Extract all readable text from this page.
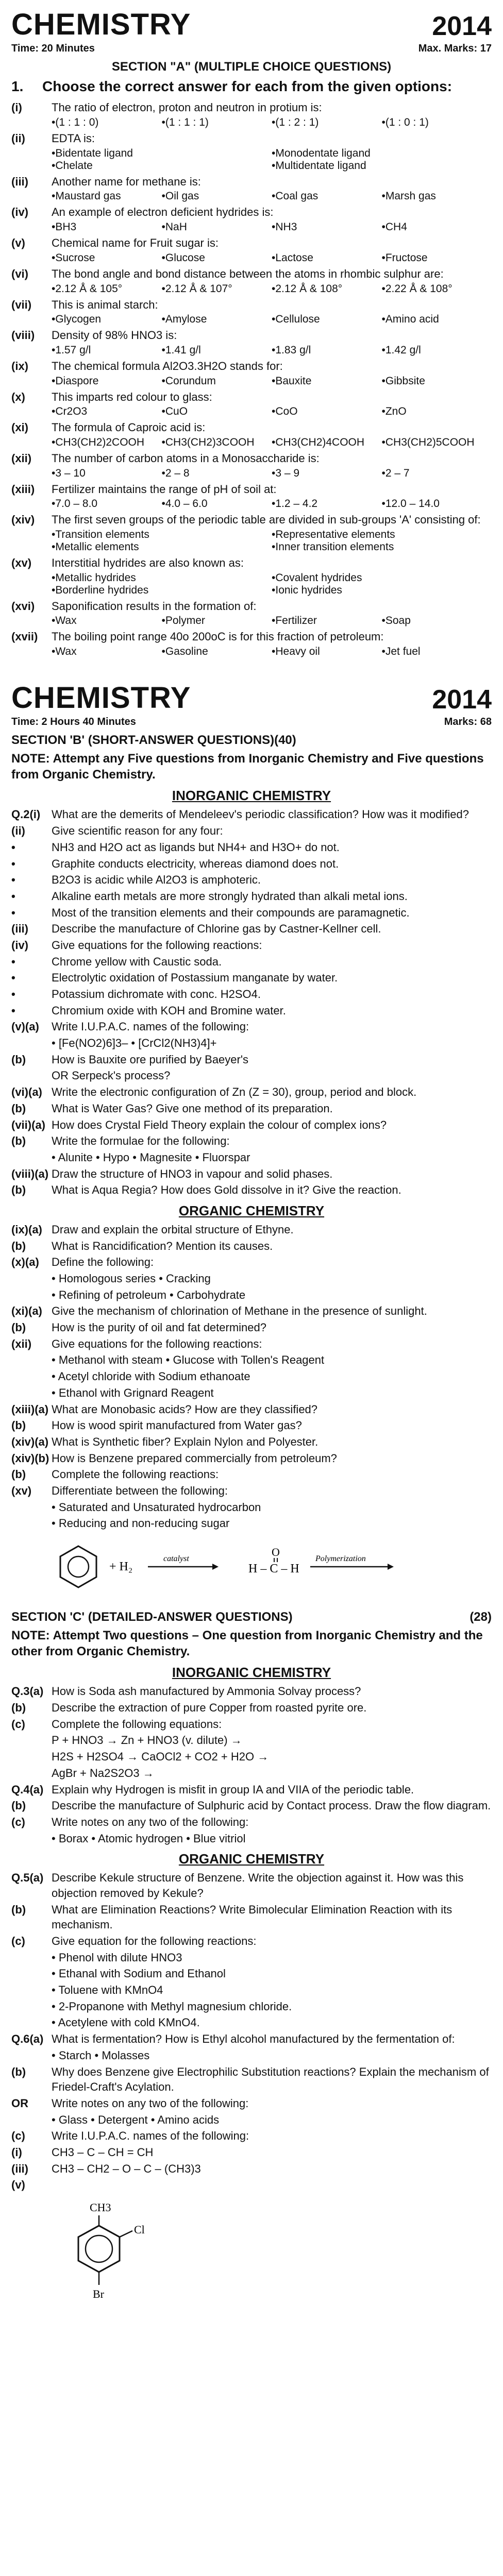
CHEMISTRY	2014
Time: 20 Minutes	Max. Marks: 17
SECTION "A" (MULTIPLE CHOICE QUESTIONS)
1.	Choose the correct answer for each from the given options:
(i)	The ratio of electron, proton and neutron in protium is:
• (1 : 1 : 0)	• (1 : 1 : 1)	• (1 : 2 : 1)	• (1 : 0 : 1)
(ii)	EDTA is:
• Bidentate ligand	• Monodentate ligand
• Chelate	• Multidentate ligand
(iii)	Another name for methane is:
• Maustard gas	• Oil gas	• Coal gas	• Marsh gas
(iv)	An example of electron deficient hydrides is:
• BH3	• NaH	• NH3	• CH4
(v)	Chemical name for Fruit sugar is:
• Sucrose	• Glucose	• Lactose	• Fructose
(vi)	The bond angle and bond distance between the atoms in rhombic sulphur are:
• 2.12 Å & 105°	• 2.12 Å & 107°	• 2.12 Å & 108°	• 2.22 Å & 108°
(vii)	This is animal starch:
• Glycogen	• Amylose	• Cellulose	• Amino acid
(viii)	Density of 98% HNO3 is:
• 1.57 g/l	• 1.41 g/l	• 1.83 g/l	• 1.42 g/l
(ix)	The chemical formula Al2O3.3H2O stands for:
• Diaspore	• Corundum	• Bauxite	• Gibbsite
(x)	This imparts red colour to glass:
• Cr2O3	• CuO	• CoO	• ZnO
(xi)	The formula of Caproic acid is:
• CH3(CH2)2COOH	• CH3(CH2)3COOH	• CH3(CH2)4COOH	• CH3(CH2)5COOH
(xii)	The number of carbon atoms in a Monosaccharide is:
• 3 – 10	• 2 – 8	• 3 – 9	• 2 – 7
(xiii)	Fertilizer maintains the range of pH of soil at:
• 7.0 – 8.0	• 4.0 – 6.0	• 1.2 – 4.2	• 12.0 – 14.0
(xiv)	The first seven groups of the periodic table are divided in sub-groups 'A' consisting of:
• Transition elements	• Representative elements
• Metallic elements	• Inner transition elements
(xv)	Interstitial hydrides are also known as:
• Metallic hydrides	• Covalent hydrides
• Borderline hydrides	• Ionic hydrides
(xvi)	Saponification results in the formation of:
• Wax	• Polymer	• Fertilizer	• Soap
(xvii)	The boiling point range 40o 200oC is for this fraction of petroleum:
• Wax	• Gasoline	• Heavy oil	• Jet fuel
CHEMISTRY	2014
Time: 2 Hours 40 Minutes	Marks: 68
SECTION 'B' (SHORT-ANSWER QUESTIONS)(40)
NOTE: Attempt any Five questions from Inorganic Chemistry and Five questions from Organic Chemistry.
INORGANIC CHEMISTRY
Q.2(i) What are the demerits of Mendeleev's periodic classification? How was it modified?
(ii)	Give scientific reason for any four:
•	NH3 and H2O act as ligands but NH4+ and H3O+ do not.
•	Graphite conducts electricity, whereas diamond does not.
•	B2O3 is acidic while Al2O3 is amphoteric.
•	Alkaline earth metals are more strongly hydrated than alkali metal ions.
•	Most of the transition elements and their compounds are paramagnetic.
(iii)	Describe the manufacture of Chlorine gas by Castner-Kellner cell.
(iv)	Give equations for the following reactions:
•	Chrome yellow with Caustic soda.
•	Electrolytic oxidation of Postassium manganate by water.
•	Potassium dichromate with conc. H2SO4.
•	Chromium oxide with KOH and Bromine water.
(v)(a)	Write I.U.P.A.C. names of the following:
• [Fe(NO2)6]3– • [CrCl2(NH3)4]+
(b)	How is Bauxite ore purified by Baeyer's
OR Serpeck's process?
(vi)(a) Write the electronic configuration of Zn (Z = 30), group, period and block.
(b)	What is Water Gas? Give one method of its preparation.
(vii)(a) How does Crystal Field Theory explain the colour of complex ions?
(b)	Write the formulae for the following:
• Alunite • Hypo • Magnesite • Fluorspar
(viii)(a) Draw the structure of HNO3 in vapour and solid phases.
(b)	What is Aqua Regia? How does Gold dissolve in it? Give the reaction.
ORGANIC CHEMISTRY
(ix)(a) Draw and explain the orbital structure of Ethyne.
(b)	What is Rancidification? Mention its causes.
(x)(a)	Define the following:
• Homologous series • Cracking
• Refining of petroleum • Carbohydrate
(xi)(a) Give the mechanism of chlorination of Methane in the presence of sunlight.
(b)	How is the purity of oil and fat determined?
(xii)	Give equations for the following reactions:
• Methanol with steam • Glucose with Tollen's Reagent
• Acetyl chloride with Sodium ethanoate
• Ethanol with Grignard Reagent
(xiii)(a) What are Monobasic acids? How are they classified?
(b)	How is wood spirit manufactured from Water gas?
(xiv)(a) What is Synthetic fiber? Explain Nylon and Polyester.
(xiv)(b) How is Benzene prepared commercially from petroleum?
(b)	Complete the following reactions:
(xv)	Differentiate between the following:
• Saturated and Unsaturated hydrocarbon
• Reducing and non-reducing sugar
+ H₂
catalyst
H – C – H
O
Polymerization
SECTION 'C' (DETAILED-ANSWER QUESTIONS)	(28)
NOTE: Attempt Two questions – One question from Inorganic Chemistry and the other from Organic Chemistry.
INORGANIC CHEMISTRY
Q.3(a) How is Soda ash manufactured by Ammonia Solvay process?
(b)	Describe the extraction of pure Copper from roasted pyrite ore.
(c)	Complete the following equations:
P + HNO3 → Zn + HNO3 (v. dilute) →
H2S + H2SO4 → CaOCl2 + CO2 + H2O →
AgBr + Na2S2O3 →
Q.4(a) Explain why Hydrogen is misfit in group IA and VIIA of the periodic table.
(b)	Describe the manufacture of Sulphuric acid by Contact process. Draw the flow diagram.
(c)	Write notes on any two of the following:
• Borax • Atomic hydrogen • Blue vitriol
ORGANIC CHEMISTRY
Q.5(a) Describe Kekule structure of Benzene. Write the objection against it. How was this objection removed by Kekule?
(b)	What are Elimination Reactions? Write Bimolecular Elimination Reaction with its mechanism.
(c)	Give equation for the following reactions:
• Phenol with dilute HNO3
• Ethanal with Sodium and Ethanol
• Toluene with KMnO4
• 2-Propanone with Methyl magnesium chloride.
• Acetylene with cold KMnO4.
Q.6(a) What is fermentation? How is Ethyl alcohol manufactured by the fermentation of:
• Starch • Molasses
(b)	Why does Benzene give Electrophilic Substitution reactions? Explain the mechanism of Friedel-Craft's Acylation.
OR	Write notes on any two of the following:
• Glass • Detergent • Amino acids
(c)	Write I.U.P.A.C. names of the following:
(i)	CH3 – C – CH = CH
(iii)	CH3 – CH2 – O – C – (CH3)3
(v)
CH3
Cl
Br
